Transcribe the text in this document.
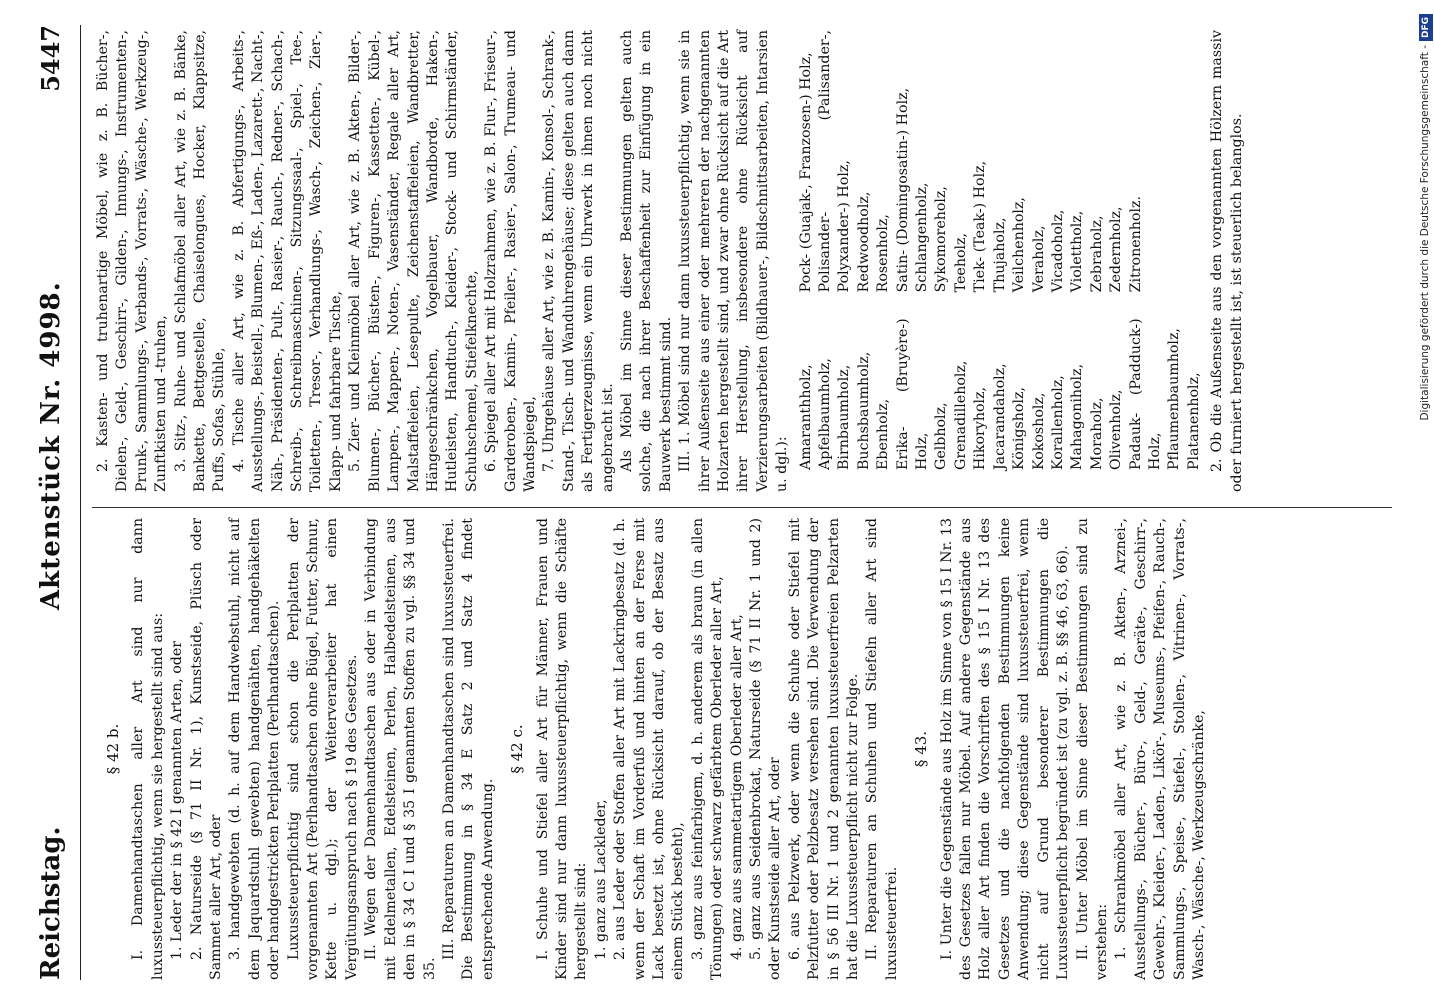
Reichstag.
Aktenstück Nr. 4998.
5447
§ 42 b. I. Damenhandtaschen aller Art sind nur dann luxussteuerpflichtig, wenn sie hergestellt sind aus: 1. Leder der in § 42 I genannten Arten, oder 2. Naturseide (§ 71 II Nr. 1), Kunstseide, Plüsch oder Sammet aller Art, oder 3. handgewebten (d. h. auf dem Handwebstuhl, nicht auf dem Jaquardstuhl gewebten) handgenähten, handgehäkelten oder handgestrickten Perlplatten (Perlhandtaschen). Luxussteuerpflichtig sind schon die Perlplatten der vorgenannten Art (Perlhandtaschen ohne Bügel, Futter, Schnur, Kette u. dgl.); der Weiterverarbeiter hat einen Vergütungsanspruch nach § 19 des Gesetzes. II. Wegen der Damenhandtaschen aus oder in Verbindung mit Edelmetallen, Edelsteinen, Perlen, Halbedelsteinen, aus den in § 34 C I und § 35 I genannten Stoffen zu vgl. §§ 34 und 35.

III. Reparaturen an Damenhandtaschen sind luxussteuerfrei. Die Bestimmung in § 34 E Satz 2 und Satz 4 findet entsprechende Anwendung.

§ 42 c. I. Schuhe und Stiefel aller Art für Männer, Frauen und Kinder sind nur dann luxussteuerpflichtig, wenn die Schäfte hergestellt sind: 1. ganz aus Lackleder, 2. aus Leder oder Stoffen aller Art mit Lackringbesatz (d. h. wenn der Schaft im Vorderfuß und hinten an der Ferse mit Lack besetzt ist, ohne Rücksicht darauf, ob der Besatz aus einem Stück besteht), 3. ganz aus feinfarbigem, d. h. anderem als braun (in allen Tönungen) oder schwarz gefärbtem Oberleder aller Art, 4. ganz aus sammetartigem Oberleder aller Art, 5. ganz aus Seidenbrokat, Naturseide (§ 71 II Nr. 1 und 2) oder Kunstseide aller Art, oder 6. aus Pelzwerk, oder wenn die Schuhe oder Stiefel mit Pelzfutter oder Pelzbesatz versehen sind. Die Verwendung der in § 56 III Nr. 1 und 2 genannten luxussteuerfreien Pelzarten hat die Luxussteuerpflicht nicht zur Folge. II. Reparaturen an Schuhen und Stiefeln aller Art sind luxussteuerfrei.

§ 43. I. Unter die Gegenstände aus Holz im Sinne von § 15 I Nr. 13 des Gesetzes fallen nur Möbel. Auf andere Gegenstände aus Holz aller Art finden die Vorschriften des § 15 I Nr. 13 des Gesetzes und die nachfolgenden Bestimmungen keine Anwendung; diese Gegenstände sind luxussteuerfrei, wenn nicht auf Grund besonderer Bestimmungen die Luxussteuerpflicht begründet ist (zu vgl. z. B. §§ 46, 63, 66). II. Unter Möbel im Sinne dieser Bestimmungen sind zu verstehen: 1. Schrankmöbel aller Art, wie z. B. Akten-, Arznei-, Ausstellungs-, Bücher-, Büro-, Geld-, Geräte-, Geschirr-, Gewehr-, Kleider-, Laden-, Likör-, Museums-, Pfeifen-, Rauch-, Sammlungs-, Speise-, Stiefel-, Stollen-, Vitrinen-, Vorrats-, Wasch-, Wäsche-, Werkzeugschränke,

2. Kasten- und truhenartige Möbel, wie z. B. Bücher-, Dielen-, Geld-, Geschirr-, Gilden-, Innungs-, Instrumenten-, Prunk-, Sammlungs-, Verbands-, Vorrats-, Wäsche-, Werkzeug-, Zunftkisten und -truhen, 3. Sitz-, Ruhe- und Schlafmöbel aller Art, wie z. B. Bänke, Bankette, Bettgestelle, Chaiselongues, Hocker, Klappsitze, Puffs, Sofas, Stühle, 4. Tische aller Art, wie z. B. Abfertigungs-, Arbeits-, Ausstellungs-, Beistell-, Blumen-, Eß-, Laden-, Lazarett-, Nacht-, Näh-, Präsidenten-, Pult-, Rasier-, Rauch-, Redner-, Schach-, Schreib-, Schreibmaschinen-, Sitzungssaal-, Spiel-, Tee-, Toiletten-, Tresor-, Verhandlungs-, Wasch-, Zeichen-, Zier-, Klapp- und fahrbare Tische, 5. Zier- und Kleinmöbel aller Art, wie z. B. Akten-, Bilder-, Blumen-, Bücher-, Büsten-, Figuren-, Kassetten-, Kübel-, Lampen-, Mappen-, Noten-, Vasenständer, Regale aller Art, Malstaffeleien, Lesepulte, Zeichenstaffeleien, Wandbretter, Hängeschränkchen, Vogelbauer, Wandborde, Haken-, Hutleisten, Handtuch-, Kleider-, Stock- und Schirmständer, Schuhschemel, Stiefelknechte, 6. Spiegel aller Art mit Holzrahmen, wie z. B. Flur-, Friseur-, Garderoben-, Kamin-, Pfeiler-, Rasier-, Salon-, Trumeau- und Wandspiegel, 7. Uhrgehäuse aller Art, wie z. B. Kamin-, Konsol-, Schrank-, Stand-, Tisch- und Wanduhrengehäuse; diese gelten auch dann als Fertigerzeugnisse, wenn ein Uhrwerk in ihnen noch nicht angebracht ist. Als Möbel im Sinne dieser Bestimmungen gelten auch solche, die nach ihrer Beschaffenheit zur Einfügung in ein Bauwerk bestimmt sind. III. 1. Möbel sind nur dann luxussteuerpflichtig, wenn sie in ihrer Außenseite aus einer oder mehreren der nachgenannten Holzarten hergestellt sind, und zwar ohne Rücksicht auf die Art ihrer Herstellung, insbesondere ohne Rücksicht auf Verzierungsarbeiten (Bildhauer-, Bildschnittsarbeiten, Intarsien u. dgl.): Amaranthholz, Apfelbaumholz, Birnbaumholz, Buchsbaumholz, Ebenholz, Erika- (Bruyère-) Holz, Gelbholz, Grenadilleholz, Hikoryholz, Jacarandaholz, Königsholz, Kokosholz, Korallenholz, Mahagoniholz, Moraholz, Olivenholz, Padauk- (Padduck-) Holz, Pflaumenbaumholz, Platanenholz,
Pock- (Guajak-, Franzosen-) Holz, Polisander- (Palisander-, Polyxander-) Holz, Redwoodholz, Rosenholz, Satin- (Domingosatin-) Holz, Schlangenholz, Sykomoreholz, Teeholz, Tiek- (Teak-) Holz, Thujaholz, Veilchenholz, Veraholz, Vicadoholz, Violettholz, Zebraholz, Zedernholz, Zitronenholz.	2. Ob die Außenseite aus den vorgenannten Hölzern massiv oder furniert hergestellt ist, ist steuerlich belanglos.	Digitalisierung gefördert durch die Deutsche Forschungsgemeinschaft -DFG
